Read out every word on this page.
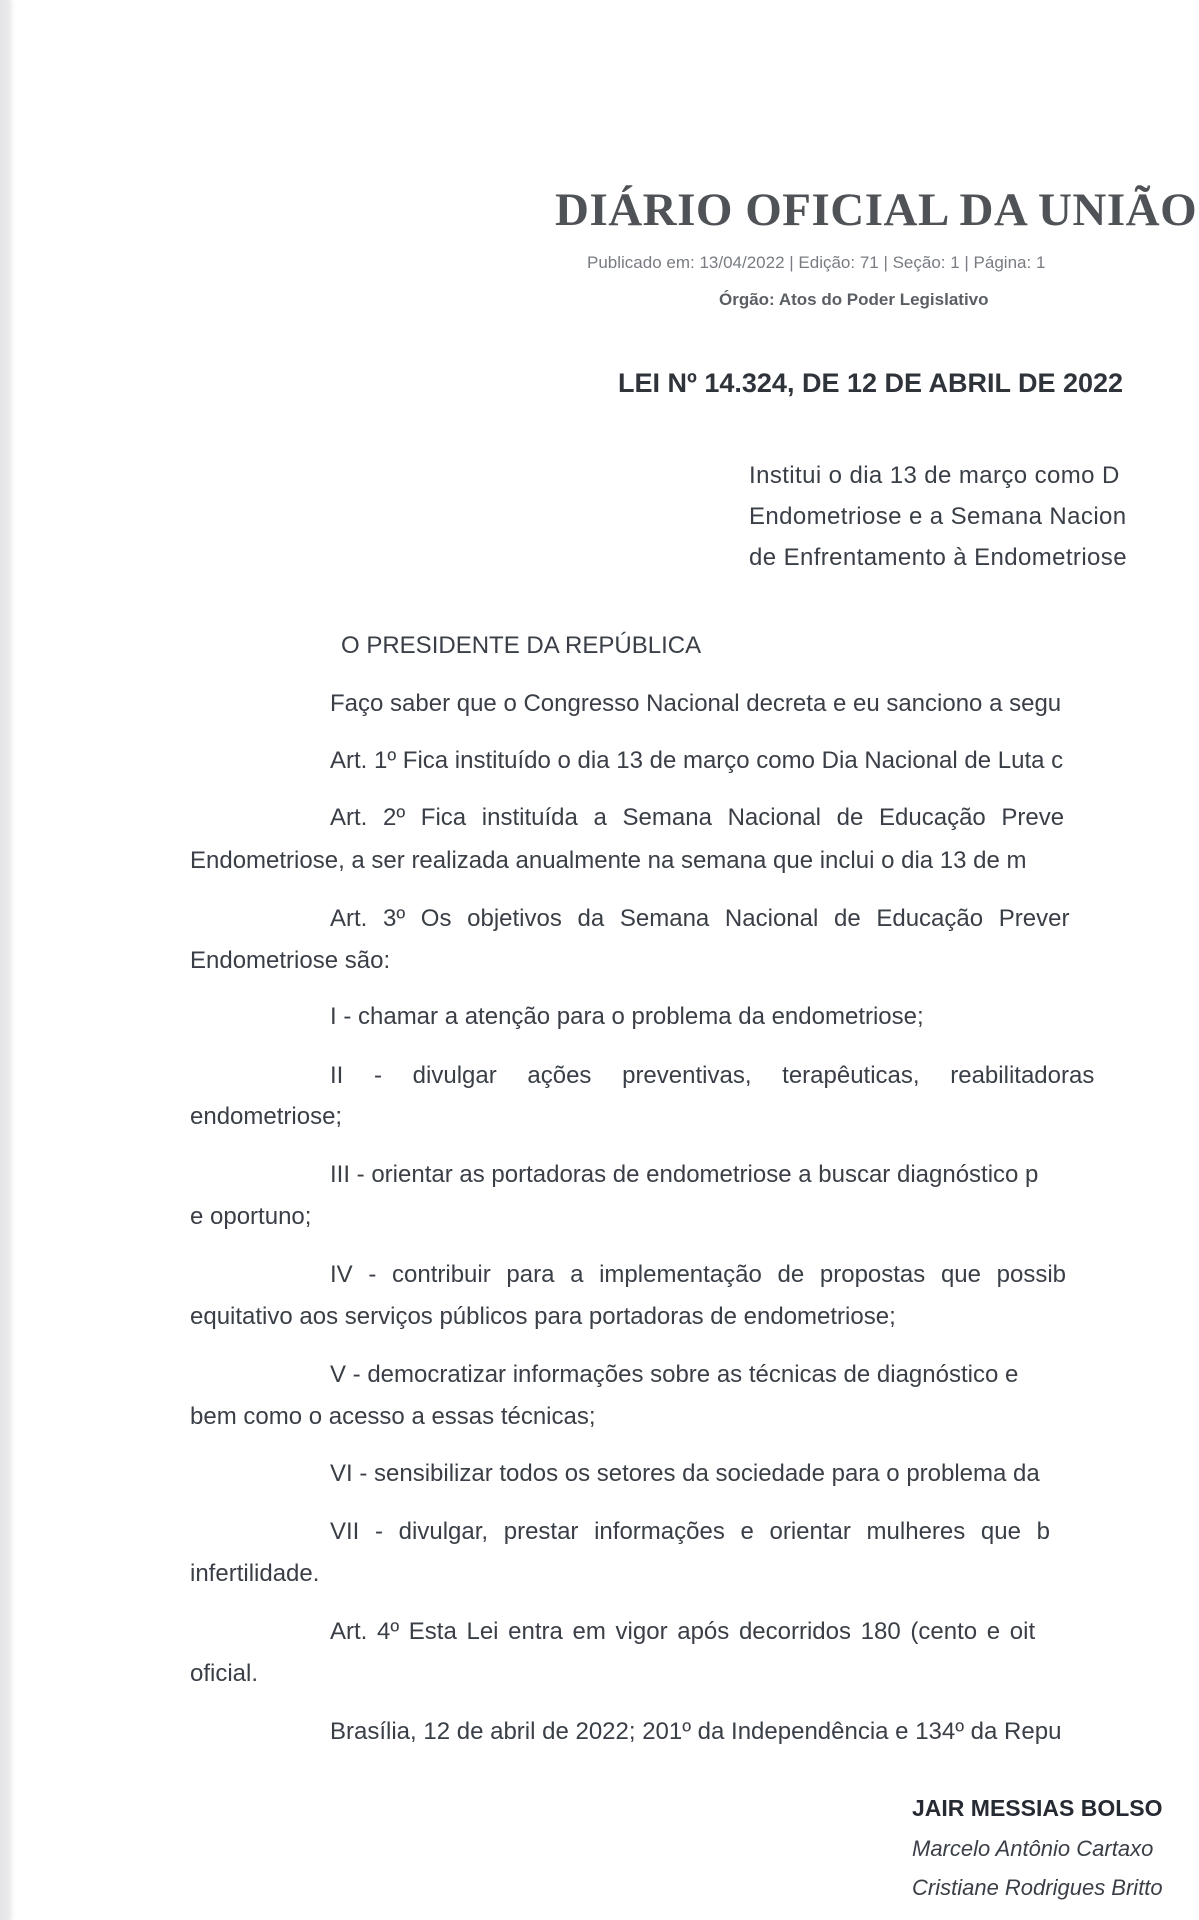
DIÁRIO OFICIAL DA UNIÃO
Publicado em: 13/04/2022 | Edição: 71 | Seção: 1 | Página: 1
Órgão: Atos do Poder Legislativo
LEI Nº 14.324, DE 12 DE ABRIL DE 2022
Institui o dia 13 de março como D
Endometriose e a Semana Nacion
de Enfrentamento à Endometriose
O PRESIDENTE DA REPÚBLICA
Faço saber que o Congresso Nacional decreta e eu sanciono a segu
Art. 1º Fica instituído o dia 13 de março como Dia Nacional de Luta c
Art. 2º Fica instituída a Semana Nacional de Educação Preve
Endometriose, a ser realizada anualmente na semana que inclui o dia 13 de m
Art. 3º Os objetivos da Semana Nacional de Educação Prever
Endometriose são:
I - chamar a atenção para o problema da endometriose;
II - divulgar ações preventivas, terapêuticas, reabilitadoras
endometriose;
III - orientar as portadoras de endometriose a buscar diagnóstico p
e oportuno;
IV - contribuir para a implementação de propostas que possib
equitativo aos serviços públicos para portadoras de endometriose;
V - democratizar informações sobre as técnicas de diagnóstico e
bem como o acesso a essas técnicas;
VI - sensibilizar todos os setores da sociedade para o problema da
VII - divulgar, prestar informações e orientar mulheres que b
infertilidade.
Art. 4º Esta Lei entra em vigor após decorridos 180 (cento e oit
oficial.
Brasília, 12 de abril de 2022; 201º da Independência e 134º da Repu
JAIR MESSIAS BOLSO
Marcelo Antônio Cartaxo
Cristiane Rodrigues Britto
